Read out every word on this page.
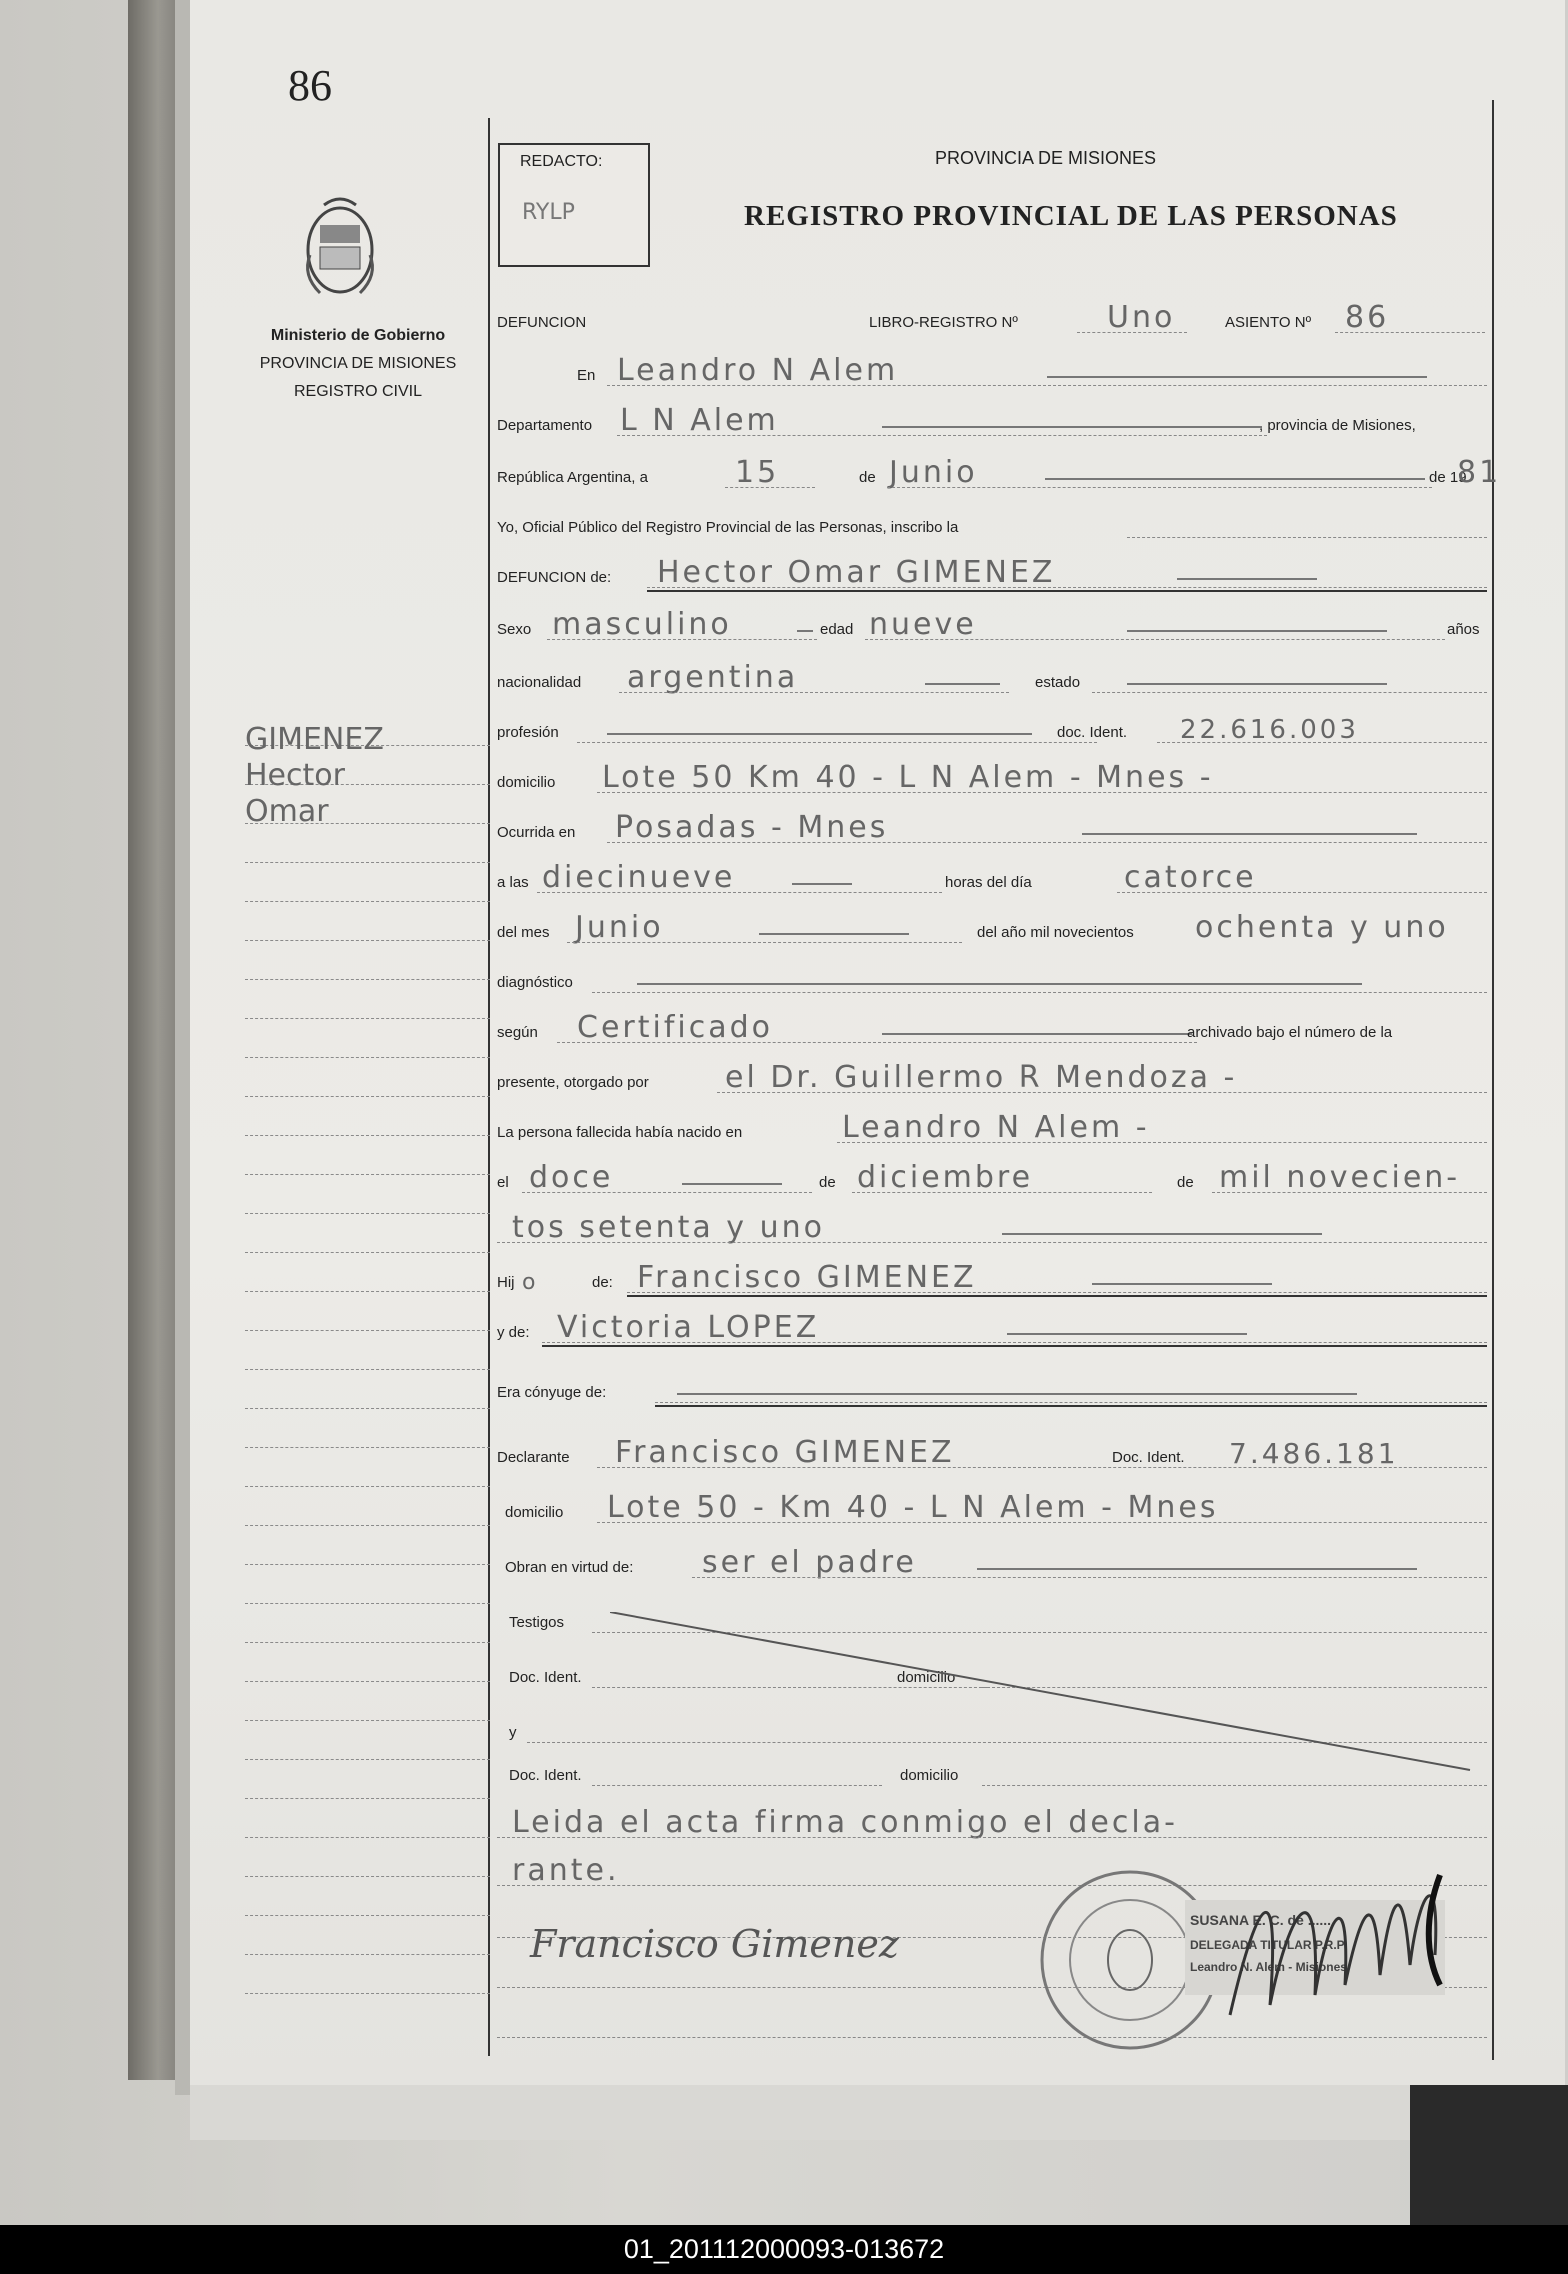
86
Ministerio de Gobierno
PROVINCIA DE MISIONES
REGISTRO CIVIL
GIMENEZ
Hector
Omar
REDACTO:
RYLP
PROVINCIA DE MISIONES
REGISTRO PROVINCIAL DE LAS PERSONAS
DEFUNCION	LIBRO-REGISTRO Nº	Uno	ASIENTO Nº 86
En Leandro N Alem
Departamento L N Alem	, provincia de Misiones,
República Argentina, a	15	de Junio	de 19
81
Yo, Oficial Público del Registro Provincial de las Personas, inscribo la
DEFUNCION de: Hector Omar GIMENEZ
Sexo masculino	edad nueve	años
nacionalidad argentina	estado
profesión	doc. Ident. 22.616.003
domicilio Lote 50 Km 40 - L N Alem - Mnes -
Ocurrida en Posadas - Mnes
a las diecinueve	horas del día	catorce
del mes Junio	del año mil novecientos ochenta y uno
diagnóstico
según Certificado	archivado bajo el número de la
presente, otorgado por	el Dr. Guillermo R Mendoza -
La persona fallecida había nacido en	Leandro N Alem -
el doce	de diciembre	de mil novecien-
tos setenta y uno
Hij o	de: Francisco GIMENEZ
y de: Victoria LOPEZ
Era cónyuge de:
Declarante Francisco GIMENEZ	Doc. Ident. 7.486.181
domicilio Lote 50 - Km 40 - L N Alem - Mnes
Obran en virtud de: ser el padre
Testigos
Doc. Ident.	domicilio
y
Doc. Ident.	domicilio
Leida el acta firma conmigo el decla-
rante.
Francisco Gimenez
SUSANA E. C. de ......
DELEGADA TITULAR P.R.P
Leandro N. Alem - Misiones
01_201112000093-013672
